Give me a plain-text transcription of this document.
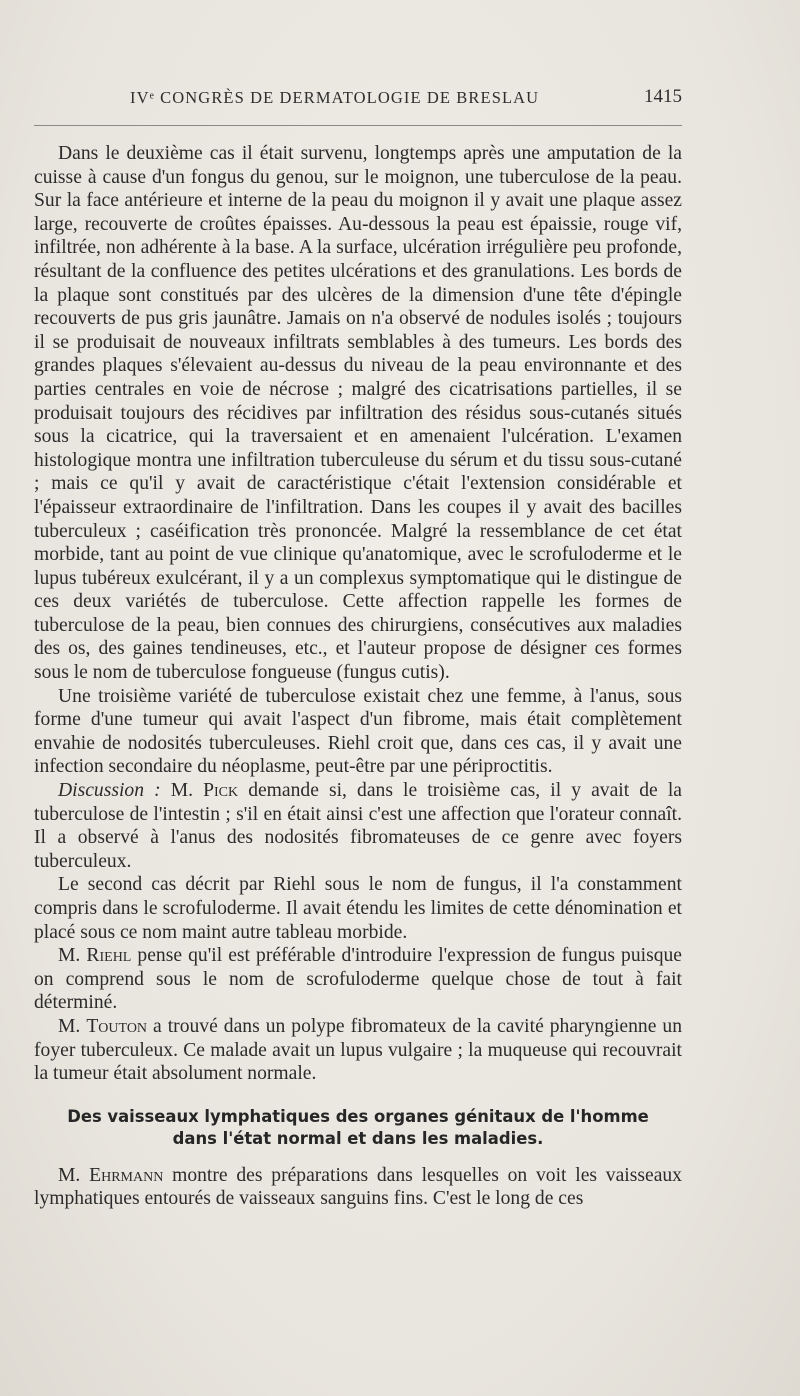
IVᵉ CONGRÈS DE DERMATOLOGIE DE BRESLAU	1415

Dans le deuxième cas il était survenu, longtemps après une amputation de la cuisse à cause d'un fongus du genou, sur le moignon, une tuberculose de la peau. Sur la face antérieure et interne de la peau du moignon il y avait une plaque assez large, recouverte de croûtes épaisses. Au-dessous la peau est épaissie, rouge vif, infiltrée, non adhérente à la base. A la surface, ulcération irrégulière peu profonde, résultant de la confluence des petites ulcérations et des granulations. Les bords de la plaque sont constitués par des ulcères de la dimension d'une tête d'épingle recouverts de pus gris jaunâtre. Jamais on n'a observé de nodules isolés ; toujours il se produisait de nouveaux infiltrats semblables à des tumeurs. Les bords des grandes plaques s'élevaient au-dessus du niveau de la peau environnante et des parties centrales en voie de nécrose ; malgré des cicatrisations partielles, il se produisait toujours des récidives par infiltration des résidus sous-cutanés situés sous la cicatrice, qui la traversaient et en amenaient l'ulcération. L'examen histologique montra une infiltration tuberculeuse du sérum et du tissu sous-cutané ; mais ce qu'il y avait de caractéristique c'était l'extension considérable et l'épaisseur extraordinaire de l'infiltration. Dans les coupes il y avait des bacilles tuberculeux ; caséification très prononcée. Malgré la ressemblance de cet état morbide, tant au point de vue clinique qu'anatomique, avec le scrofuloderme et le lupus tubéreux exulcérant, il y a un complexus symptomatique qui le distingue de ces deux variétés de tuberculose. Cette affection rappelle les formes de tuberculose de la peau, bien connues des chirurgiens, consécutives aux maladies des os, des gaines tendineuses, etc., et l'auteur propose de désigner ces formes sous le nom de tuberculose fongueuse (fungus cutis).

Une troisième variété de tuberculose existait chez une femme, à l'anus, sous forme d'une tumeur qui avait l'aspect d'un fibrome, mais était complètement envahie de nodosités tuberculeuses. Riehl croit que, dans ces cas, il y avait une infection secondaire du néoplasme, peut-être par une périproctitis.

Discussion : M. Pick demande si, dans le troisième cas, il y avait de la tuberculose de l'intestin ; s'il en était ainsi c'est une affection que l'orateur connaît. Il a observé à l'anus des nodosités fibromateuses de ce genre avec foyers tuberculeux.

Le second cas décrit par Riehl sous le nom de fungus, il l'a constamment compris dans le scrofuloderme. Il avait étendu les limites de cette dénomination et placé sous ce nom maint autre tableau morbide.

M. Riehl pense qu'il est préférable d'introduire l'expression de fungus puisque on comprend sous le nom de scrofuloderme quelque chose de tout à fait déterminé.

M. Touton a trouvé dans un polype fibromateux de la cavité pharyngienne un foyer tuberculeux. Ce malade avait un lupus vulgaire ; la muqueuse qui recouvrait la tumeur était absolument normale.

Des vaisseaux lymphatiques des organes génitaux de l'homme
dans l'état normal et dans les maladies.

M. Ehrmann montre des préparations dans lesquelles on voit les vaisseaux lymphatiques entourés de vaisseaux sanguins fins. C'est le long de ces
